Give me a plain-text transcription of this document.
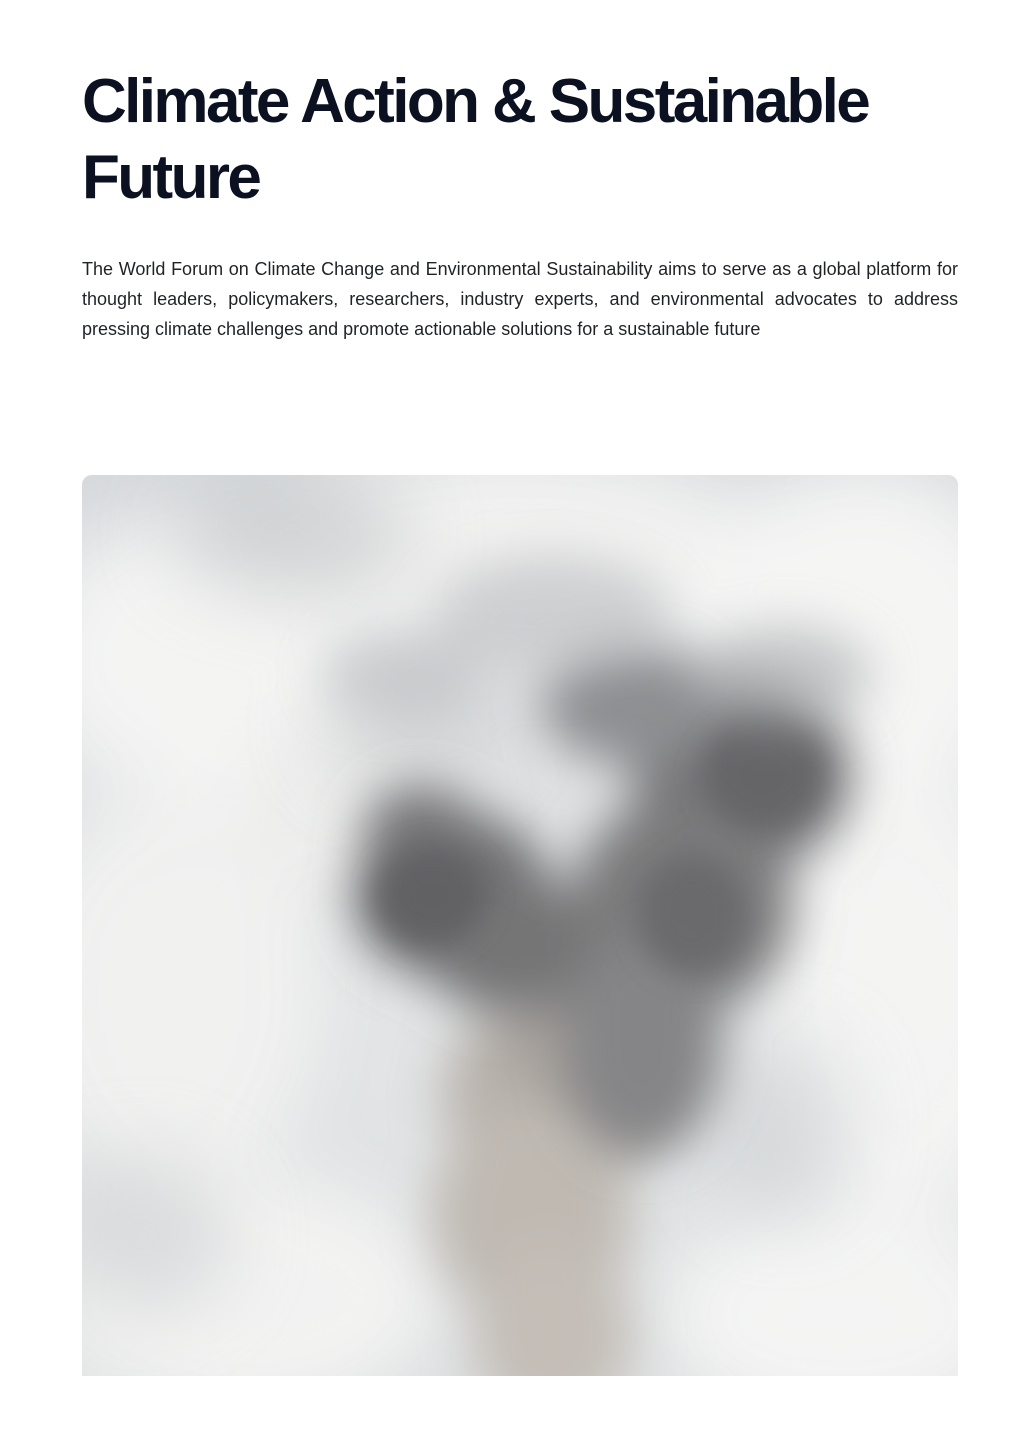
Climate Action & Sustainable Future

The World Forum on Climate Change and Environmental Sustainability aims to serve as a global platform for thought leaders, policymakers, researchers, industry experts, and environmental advocates to address pressing climate challenges and promote actionable solutions for a sustainable future
